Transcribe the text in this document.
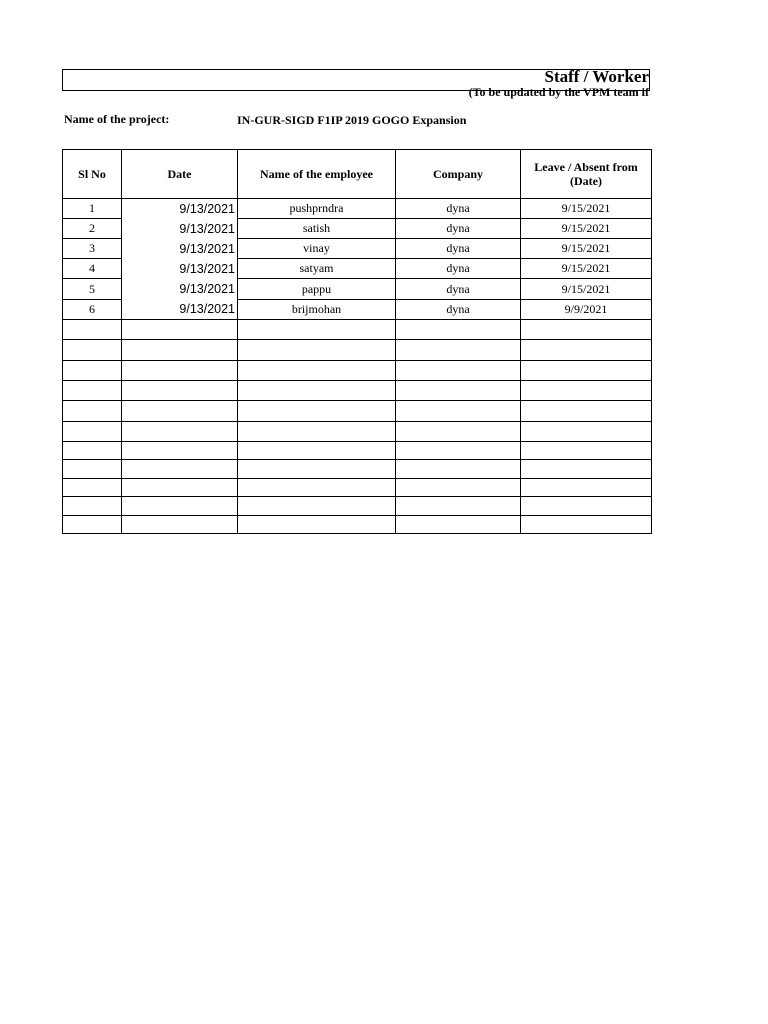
Staff / Worker
(To be updated by the VPM team if
Name of the project:	IN-GUR-SIGD F1IP 2019 GOGO Expansion
Sl No	Date	Name of the employee	Company	Leave / Absent from (Date)
1	9/13/2021	pushprndra	dyna	9/15/2021
2	9/13/2021	satish	dyna	9/15/2021
3	9/13/2021	vinay	dyna	9/15/2021
4	9/13/2021	satyam	dyna	9/15/2021
5	9/13/2021	pappu	dyna	9/15/2021
6	9/13/2021	brijmohan	dyna	9/9/2021
